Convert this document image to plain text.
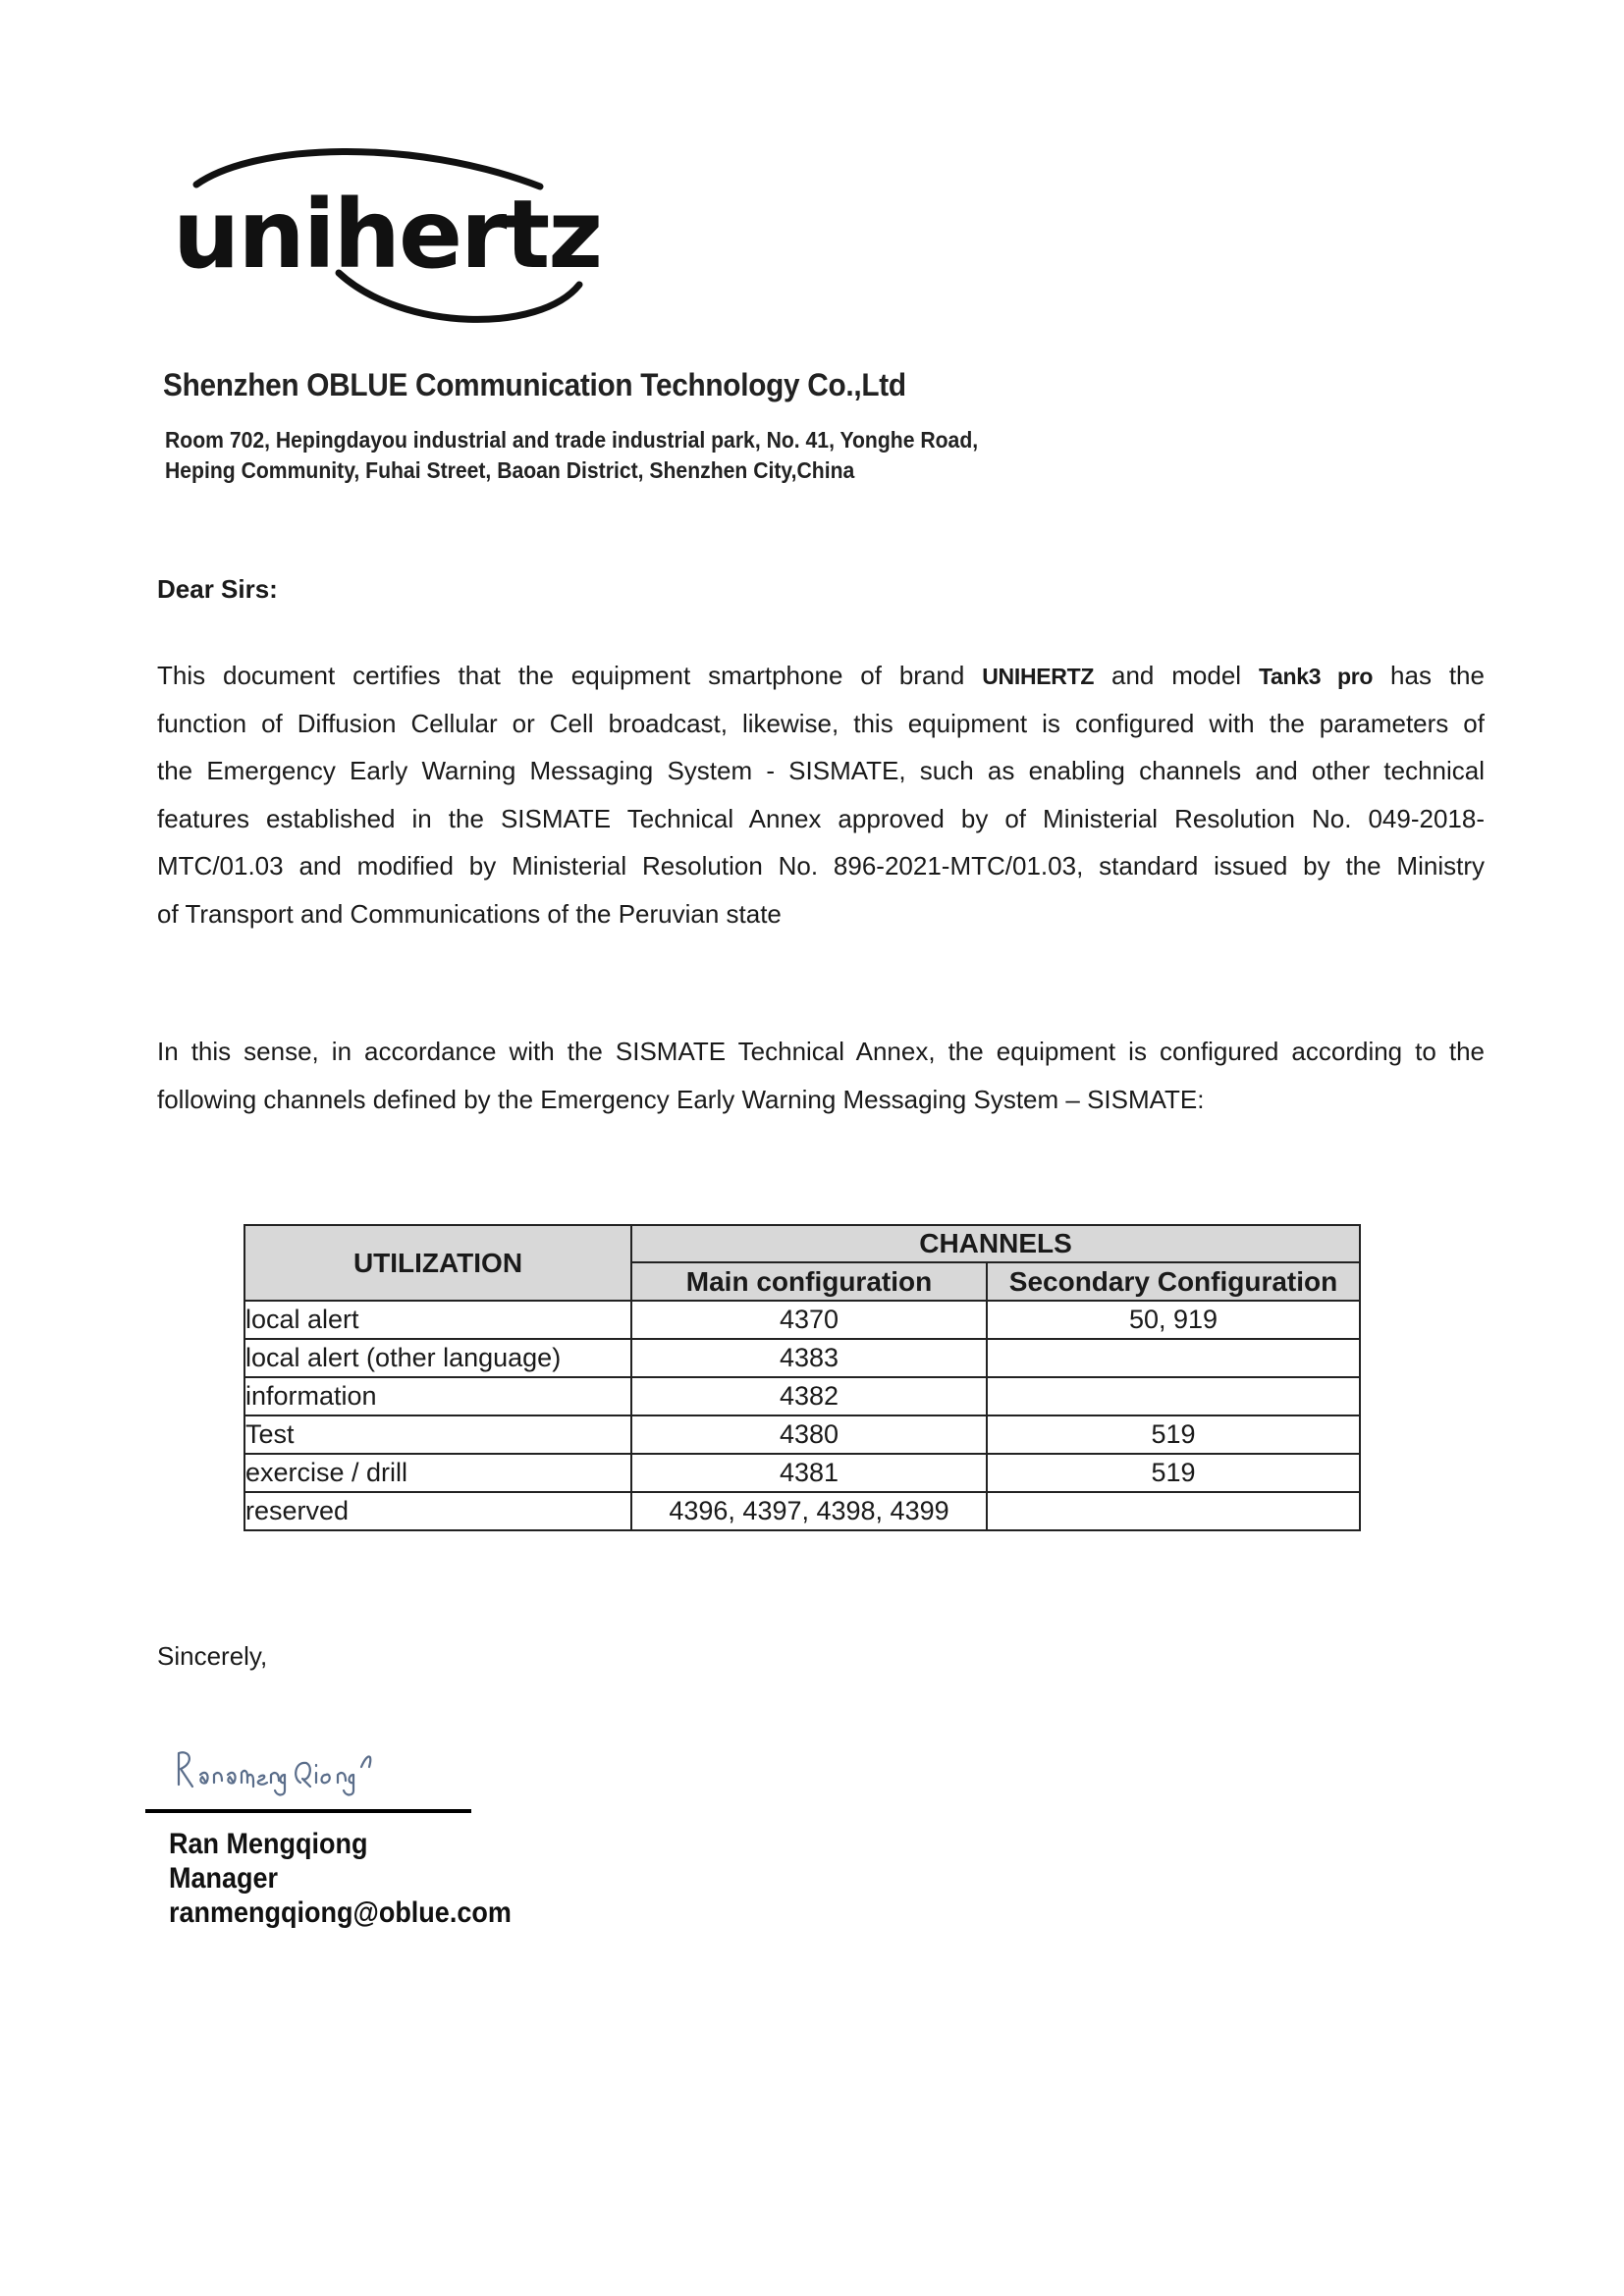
unihertz
Shenzhen OBLUE Communication Technology Co.,Ltd
Room 702, Hepingdayou industrial and trade industrial park, No. 41, Yonghe Road,
Heping Community, Fuhai Street, Baoan District, Shenzhen City,China
Dear Sirs:
This document certifies that the equipment smartphone of brand UNIHERTZ and model Tank3 pro has the
function of Diffusion Cellular or Cell broadcast, likewise, this equipment is configured with the parameters of
the Emergency Early Warning Messaging System - SISMATE, such as enabling channels and other technical
features established in the SISMATE Technical Annex approved by of Ministerial Resolution No. 049-2018-
MTC/01.03 and modified by Ministerial Resolution No. 896-2021-MTC/01.03, standard issued by the Ministry
of Transport and Communications of the Peruvian state
In this sense, in accordance with the SISMATE Technical Annex, the equipment is configured according to the
following channels defined by the Emergency Early Warning Messaging System – SISMATE:
UTILIZATION	CHANNELS	
	Main configuration	Secondary Configuration
local alert	4370	50, 919
local alert (other language)	4383	
information	4382	
Test	4380	519
exercise / drill	4381	519
reserved	4396, 4397, 4398, 4399	
Sincerely,
Ran Mengqiong
Manager
ranmengqiong@oblue.com
